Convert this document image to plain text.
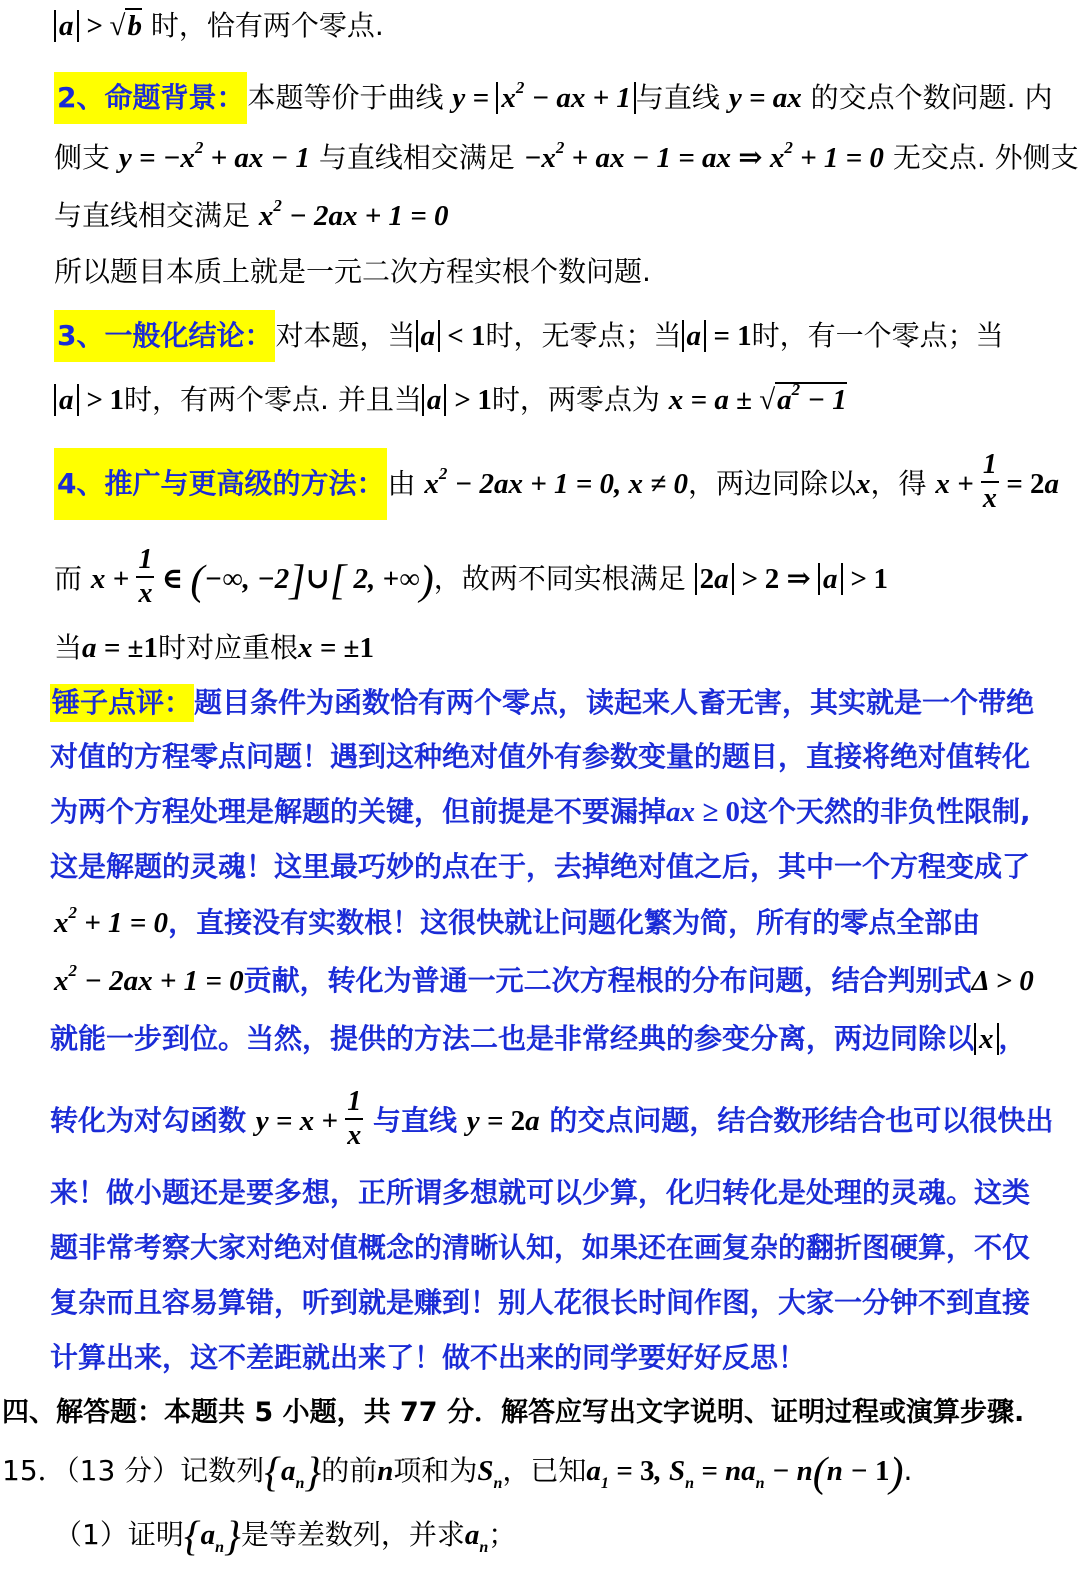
a > √b 时，恰有两个零点.
2、命题背景： 本题等价于曲线 $y = x^2$ − ax + 1 与直线 y = ax 的交点个数问题. 内
侧支 $y = -x^2$ + ax − 1 与直线相交满足 $-x^2$ + ax − 1 = ax ⇒ $x^2 + 1 = 0$ 无交点. 外侧支
与直线相交满足 $x^2 - 2ax + 1 = 0$
所以题目本质上就是一元二次方程实根个数问题.
3、一般化结论： 对本题，当 a < 1时，无零点；当 a = 1时，有一个零点；当
a > 1时，有两个零点. 并且当 a > 1时，两零点为 $x = a \pm √a^2 - 1$
4、推广与更高级的方法： 由 $x^2 - 2ax + 1 = 0$, x ≠ 0，两边同除以x，得 $x + \frac{1}{x} = 2a$
而 $x + \frac{1}{x}$ ∈ (−∞, −2]∪[ 2, +∞)，故两不同实根满足 2a > 2 ⇒ a > 1
当a = ±1时对应重根x = ±1
锤子点评：题目条件为函数恰有两个零点，读起来人畜无害，其实就是一个带绝
对值的方程零点问题！遇到这种绝对值外有参数变量的题目，直接将绝对值转化
为两个方程处理是解题的关键，但前提是不要漏掉ax ≥ 0这个天然的非负性限制,
这是解题的灵魂！这里最巧妙的点在于，去掉绝对值之后，其中一个方程变成了
$x^2 + 1 = 0$，直接没有实数根！这很快就让问题化繁为简，所有的零点全部由
$x^2 - 2ax + 1 = 0$贡献，转化为普通一元二次方程根的分布问题，结合判别式Δ > 0
就能一步到位。当然，提供的方法二也是非常经典的参变分离，两边同除以 x ，
转化为对勾函数 $y = x + \frac{1}{x}$ 与直线 y = 2a 的交点问题，结合数形结合也可以很快出
来！做小题还是要多想，正所谓多想就可以少算，化归转化是处理的灵魂。这类
题非常考察大家对绝对值概念的清晰认知，如果还在画复杂的翻折图硬算，不仅
复杂而且容易算错，听到就是赚到！别人花很长时间作图，大家一分钟不到直接
计算出来，这不差距就出来了！做不出来的同学要好好反思！
四、解答题：本题共 5 小题，共 77 分．解答应写出文字说明、证明过程或演算步骤.
15．（13 分）记数列$\{a_n\}$的前n项和为$S_n$，已知$a_1 = 3$, $S_n = na_n - n(n - 1)$.
（1）证明$\{a_n\}$是等差数列，并求$a_n$；
